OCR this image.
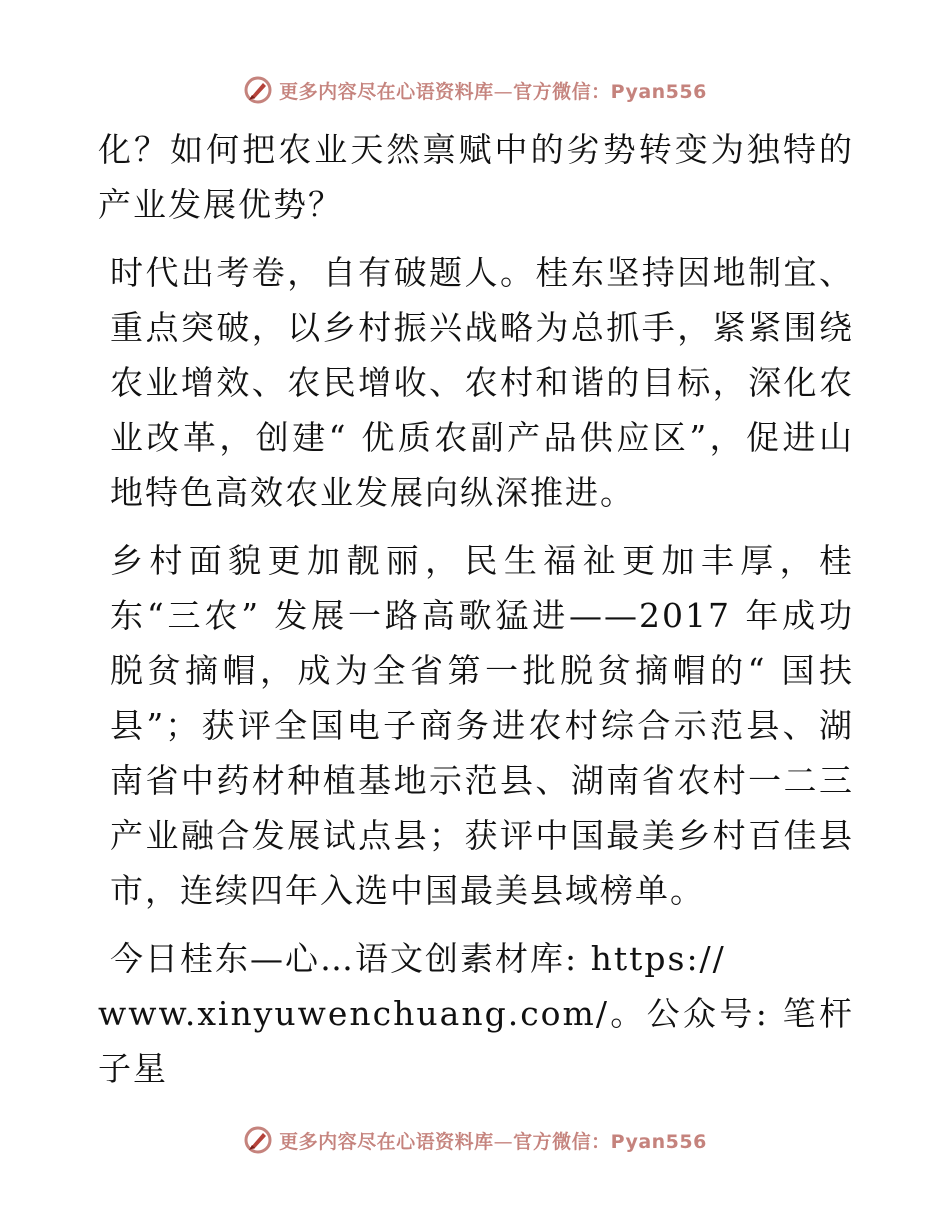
更多内容尽在心语资料库—官方微信：Pyan556

化？如何把农业天然禀赋中的劣势转变为独特的产业发展优势？

时代出考卷，自有破题人。桂东坚持因地制宜、重点突破，以乡村振兴战略为总抓手，紧紧围绕农业增效、农民增收、农村和谐的目标，深化农业改革，创建“ 优质农副产品供应区”，促进山地特色高效农业发展向纵深推进。

乡村面貌更加靓丽，民生福祉更加丰厚，桂东“三农” 发展一路高歌猛进——2017 年成功脱贫摘帽，成为全省第一批脱贫摘帽的“ 国扶县”；获评全国电子商务进农村综合示范县、湖南省中药材种植基地示范县、湖南省农村一二三产业融合发展试点县；获评中国最美乡村百佳县市，连续四年入选中国最美县域榜单。

今日桂东—心…语文创素材库: https://

www.xinyuwenchuang.com/。公众号: 笔杆子星

更多内容尽在心语资料库—官方微信：Pyan556
